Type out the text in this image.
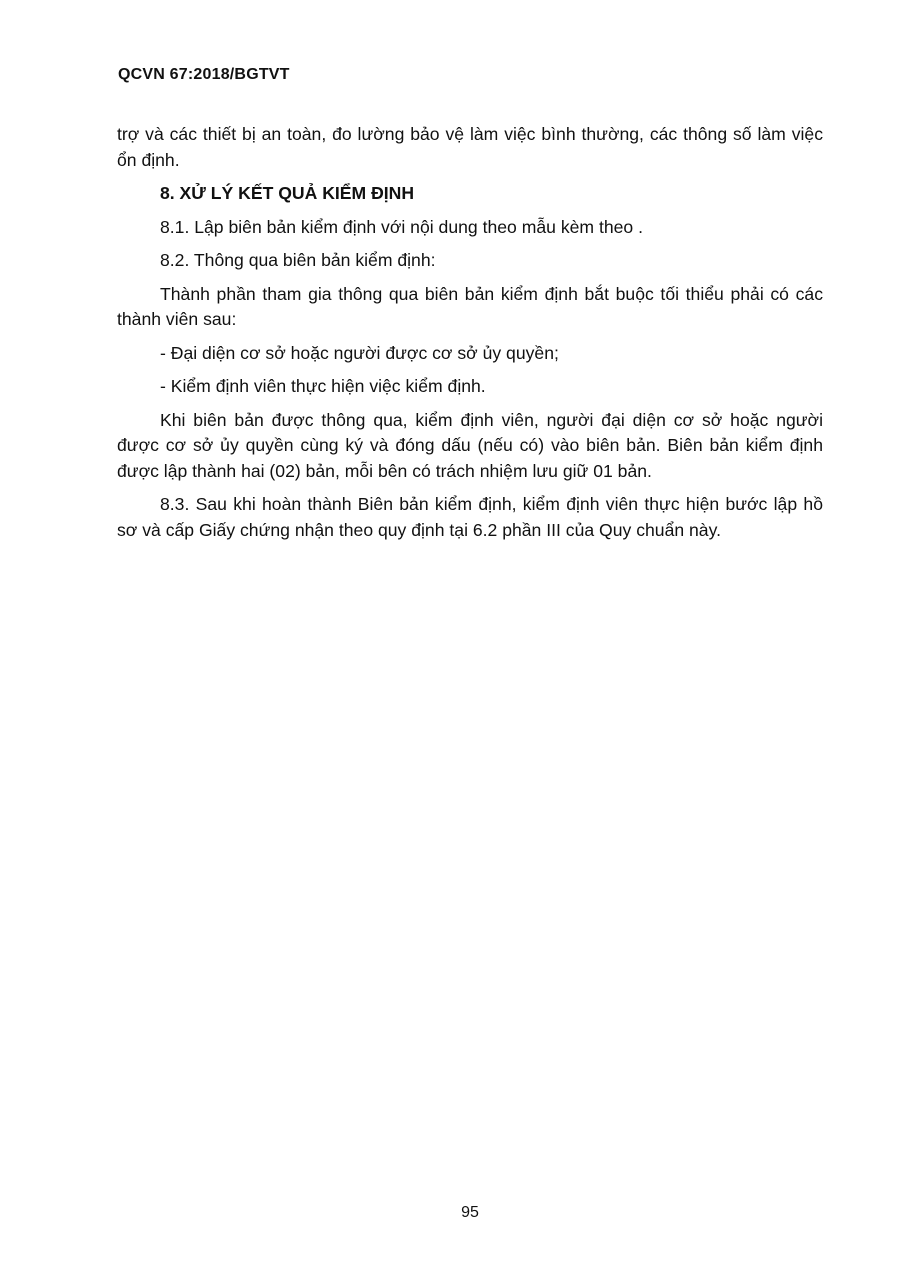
QCVN 67:2018/BGTVT

trợ và các thiết bị an toàn, đo lường bảo vệ làm việc bình thường, các thông số làm việc ổn định.

8. XỬ LÝ KẾT QUẢ KIỂM ĐỊNH

8.1. Lập biên bản kiểm định với nội dung theo mẫu kèm theo .

8.2. Thông qua biên bản kiểm định:

Thành phần tham gia thông qua biên bản kiểm định bắt buộc tối thiểu phải có các thành viên sau:

- Đại diện cơ sở hoặc người được cơ sở ủy quyền;

- Kiểm định viên thực hiện việc kiểm định.

Khi biên bản được thông qua, kiểm định viên, người đại diện cơ sở hoặc người được cơ sở ủy quyền cùng ký và đóng dấu (nếu có) vào biên bản. Biên bản kiểm định được lập thành hai (02) bản, mỗi bên có trách nhiệm lưu giữ 01 bản.

8.3. Sau khi hoàn thành Biên bản kiểm định, kiểm định viên thực hiện bước lập hồ sơ và cấp Giấy chứng nhận theo quy định tại 6.2 phần III của Quy chuẩn này.

95
